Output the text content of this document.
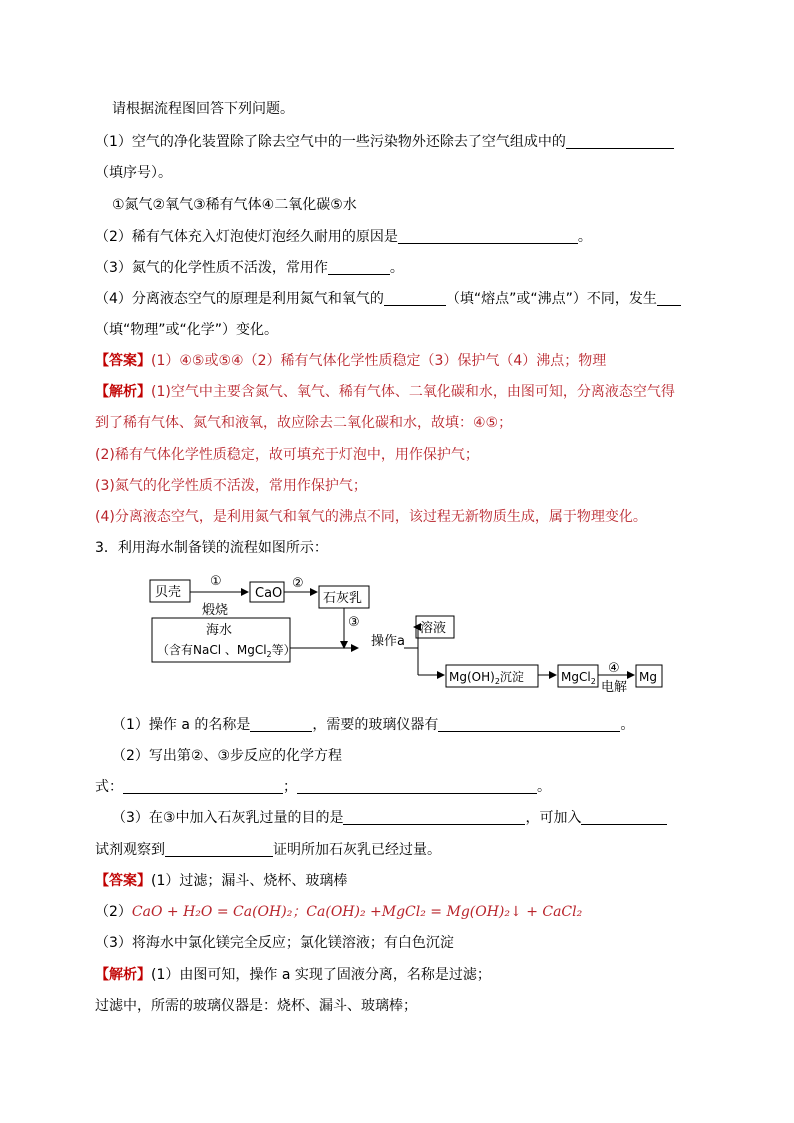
请根据流程图回答下列问题。
（1）空气的净化装置除了除去空气中的一些污染物外还除去了空气组成中的
（填序号）。
①氮气②氧气③稀有气体④二氧化碳⑤水
（2）稀有气体充入灯泡使灯泡经久耐用的原因是	。
（3）氮气的化学性质不活泼，常用作	。
（4）分离液态空气的原理是利用氮气和氧气的	（填“熔点”或“沸点”）不同，发生
（填“物理”或“化学”）变化。
【答案】(1）④⑤或⑤④（2）稀有气体化学性质稳定（3）保护气（4）沸点；物理
【解析】(1)空气中主要含氮气、氧气、稀有气体、二氧化碳和水，由图可知，分离液态空气得
到了稀有气体、氮气和液氧，故应除去二氧化碳和水，故填：④⑤；
(2)稀有气体化学性质稳定，故可填充于灯泡中，用作保护气；
(3)氮气的化学性质不活泼，常用作保护气；
(4)分离液态空气，是利用氮气和氧气的沸点不同，该过程无新物质生成，属于物理变化。
3．利用海水制备镁的流程如图所示：
贝壳	CaO	石灰乳
①
煅烧
②
③
海水
（含有NaCl 、MgCl$_2$等）
操作a
溶液
$Mg(OH)_2$沉淀	MgCl$_2$
④
电解
Mg
（1）操作 a 的名称是	，需要的玻璃仪器有	。
（2）写出第②、③步反应的化学方程
式：	；	。
（3）在③中加入石灰乳过量的目的是	，可加入
试剂观察到	证明所加石灰乳已经过量。
【答案】(1）过滤；漏斗、烧杯、玻璃棒
（2）CaO + H₂O = Ca(OH)₂；Ca(OH)₂ +MgCl₂ = Mg(OH)₂↓ + CaCl₂
（3）将海水中氯化镁完全反应；氯化镁溶液；有白色沉淀
【解析】(1）由图可知，操作 a 实现了固液分离，名称是过滤；
过滤中，所需的玻璃仪器是：烧杯、漏斗、玻璃棒；
